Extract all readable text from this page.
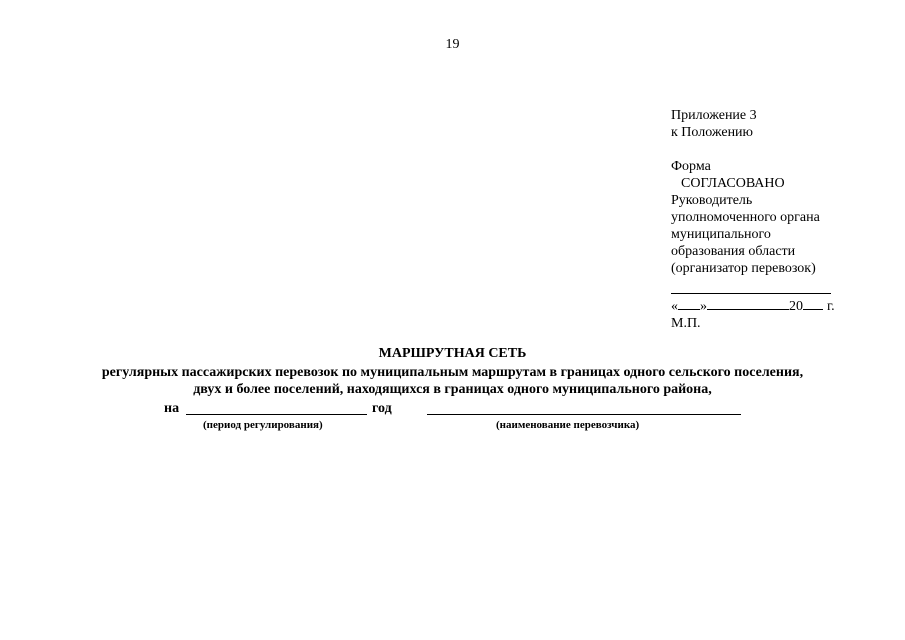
19
Приложение 3
к Положению
Форма
СОГЛАСОВАНО
Руководитель
уполномоченного органа
муниципального
образования области
(организатор перевозок)
« »	20 г.
М.П.
МАРШРУТНАЯ СЕТЬ
регулярных пассажирских перевозок по муниципальным маршрутам в границах одного сельского поселения,
двух и более поселений, находящихся в границах одного муниципального района,
на	год
(период регулирования)	(наименование перевозчика)
